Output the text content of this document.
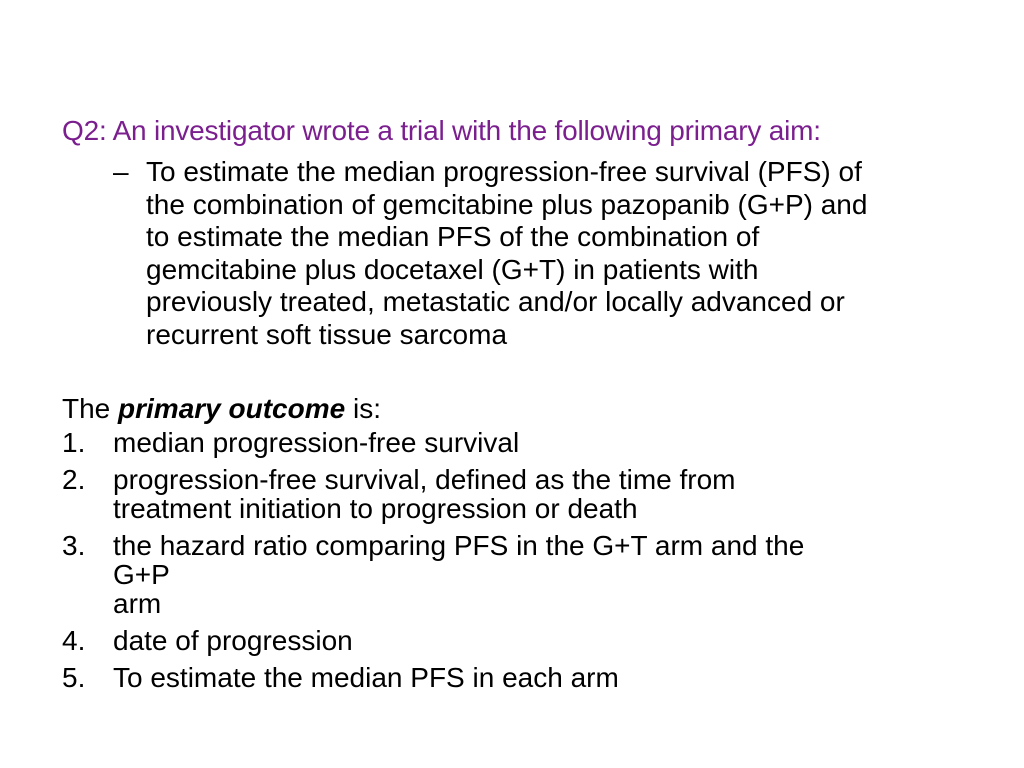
Q2: An investigator wrote a trial with the following primary aim:
– To estimate the median progression-free survival (PFS) of
the combination of gemcitabine plus pazopanib (G+P) and
to estimate the median PFS of the combination of
gemcitabine plus docetaxel (G+T) in patients with
previously treated, metastatic and/or locally advanced or
recurrent soft tissue sarcoma
The primary outcome is:
1. median progression-free survival
2. progression-free survival, defined as the time from
treatment initiation to progression or death
3. the hazard ratio comparing PFS in the G+T arm and the G+P
arm
4. date of progression
5. To estimate the median PFS in each arm
